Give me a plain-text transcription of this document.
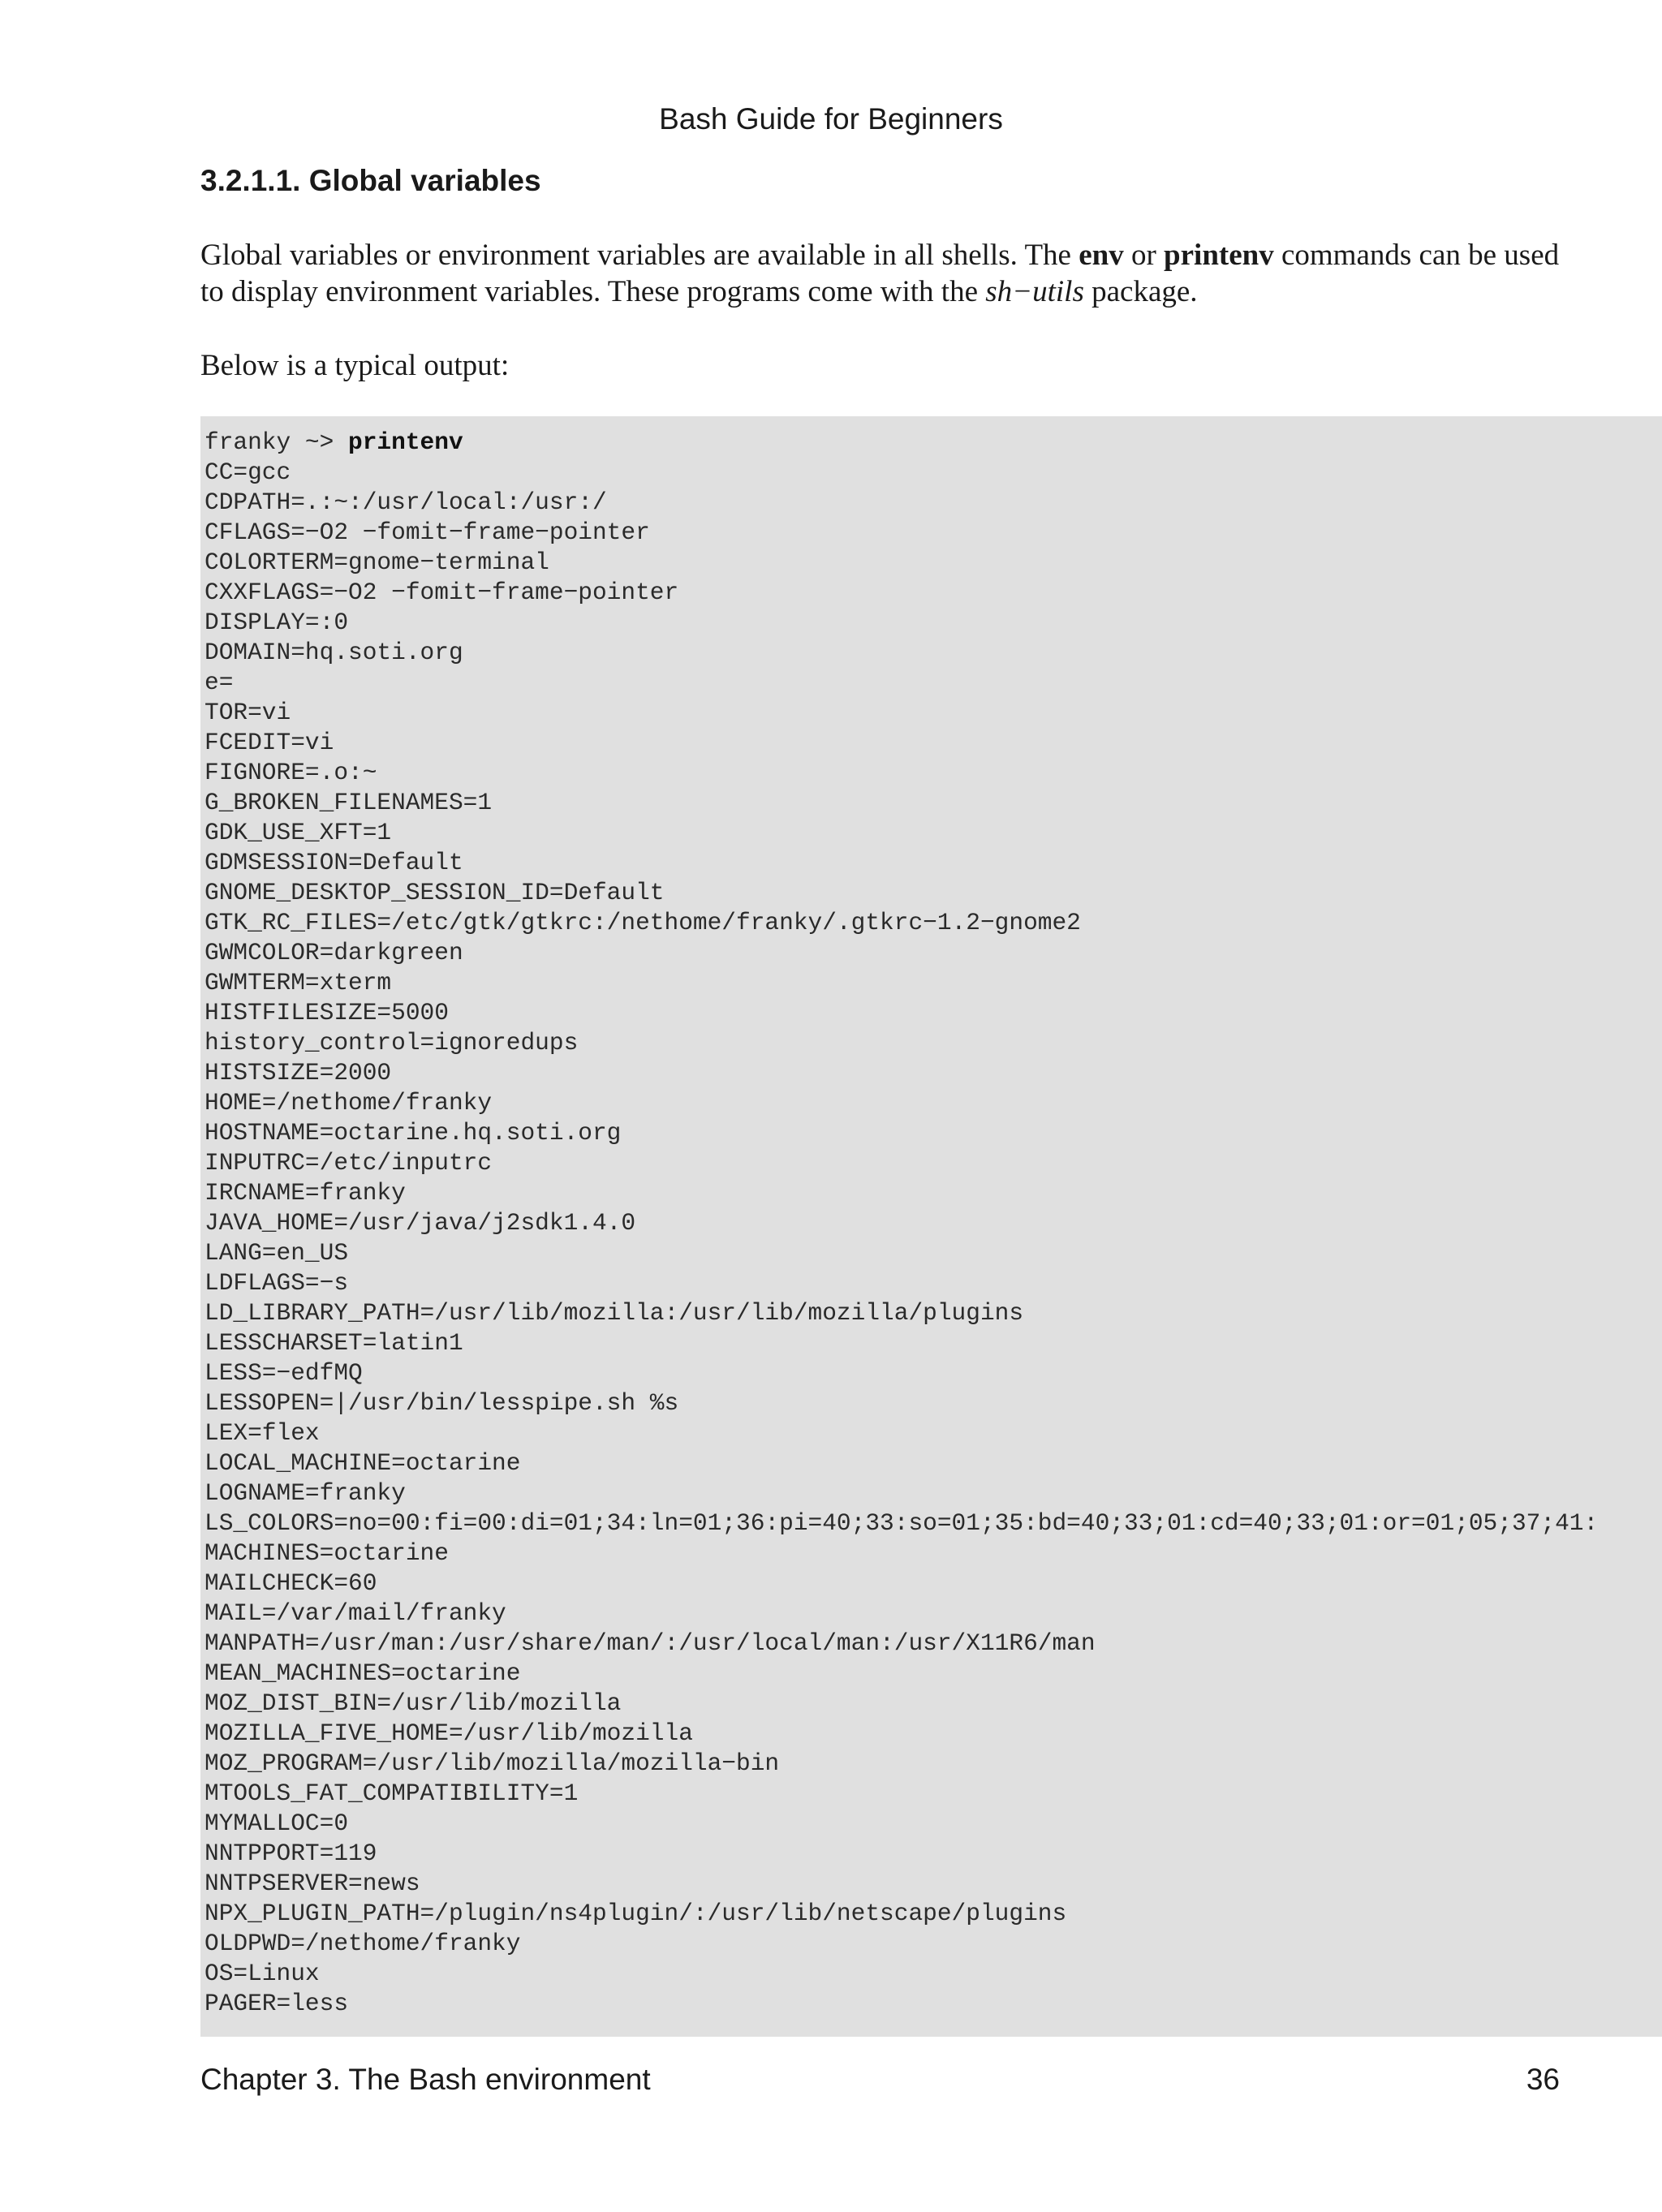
Bash Guide for Beginners
3.2.1.1. Global variables

Global variables or environment variables are available in all shells. The env or printenv commands can be used to display environment variables. These programs come with the sh−utils package.

Below is a typical output:

franky ~> printenv
CC=gcc
CDPATH=.:~:/usr/local:/usr:/
CFLAGS=−O2 −fomit−frame−pointer
COLORTERM=gnome−terminal
CXXFLAGS=−O2 −fomit−frame−pointer
DISPLAY=:0
DOMAIN=hq.soti.org
e=
TOR=vi
FCEDIT=vi
FIGNORE=.o:~
G_BROKEN_FILENAMES=1
GDK_USE_XFT=1
GDMSESSION=Default
GNOME_DESKTOP_SESSION_ID=Default
GTK_RC_FILES=/etc/gtk/gtkrc:/nethome/franky/.gtkrc−1.2−gnome2
GWMCOLOR=darkgreen
GWMTERM=xterm
HISTFILESIZE=5000
history_control=ignoredups
HISTSIZE=2000
HOME=/nethome/franky
HOSTNAME=octarine.hq.soti.org
INPUTRC=/etc/inputrc
IRCNAME=franky
JAVA_HOME=/usr/java/j2sdk1.4.0
LANG=en_US
LDFLAGS=−s
LD_LIBRARY_PATH=/usr/lib/mozilla:/usr/lib/mozilla/plugins
LESSCHARSET=latin1
LESS=−edfMQ
LESSOPEN=|/usr/bin/lesspipe.sh %s
LEX=flex
LOCAL_MACHINE=octarine
LOGNAME=franky
LS_COLORS=no=00:fi=00:di=01;34:ln=01;36:pi=40;33:so=01;35:bd=40;33;01:cd=40;33;01:or=01;05;37;41:
MACHINES=octarine
MAILCHECK=60
MAIL=/var/mail/franky
MANPATH=/usr/man:/usr/share/man/:/usr/local/man:/usr/X11R6/man
MEAN_MACHINES=octarine
MOZ_DIST_BIN=/usr/lib/mozilla
MOZILLA_FIVE_HOME=/usr/lib/mozilla
MOZ_PROGRAM=/usr/lib/mozilla/mozilla−bin
MTOOLS_FAT_COMPATIBILITY=1
MYMALLOC=0
NNTPPORT=119
NNTPSERVER=news
NPX_PLUGIN_PATH=/plugin/ns4plugin/:/usr/lib/netscape/plugins
OLDPWD=/nethome/franky
OS=Linux
PAGER=less
Chapter 3. The Bash environment	36
